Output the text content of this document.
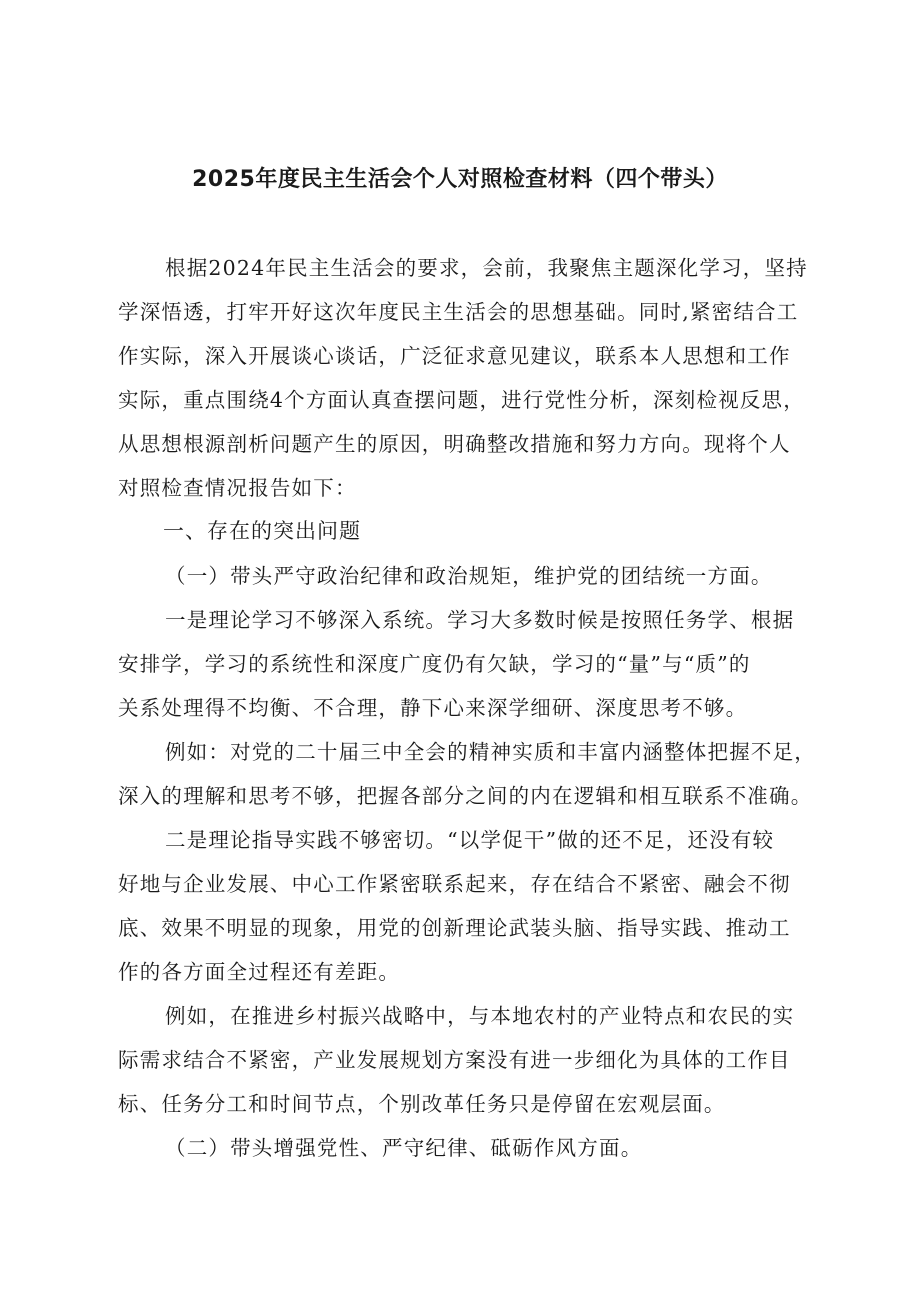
2025年度民主生活会个人对照检查材料（四个带头）

根据2024年民主生活会的要求，会前，我聚焦主题深化学习，坚持

学深悟透，打牢开好这次年度民主生活会的思想基础。同时,紧密结合工

作实际，深入开展谈心谈话，广泛征求意见建议，联系本人思想和工作

实际，重点围绕4个方面认真查摆问题，进行党性分析，深刻检视反思，

从思想根源剖析问题产生的原因，明确整改措施和努力方向。现将个人

对照检查情况报告如下：

一、存在的突出问题

（一）带头严守政治纪律和政治规矩，维护党的团结统一方面。

一是理论学习不够深入系统。学习大多数时候是按照任务学、根据

安排学，学习的系统性和深度广度仍有欠缺，学习的“量”与“质”的

关系处理得不均衡、不合理，静下心来深学细研、深度思考不够。

例如：对党的二十届三中全会的精神实质和丰富内涵整体把握不足，

深入的理解和思考不够，把握各部分之间的内在逻辑和相互联系不准确。

二是理论指导实践不够密切。“以学促干”做的还不足，还没有较

好地与企业发展、中心工作紧密联系起来，存在结合不紧密、融会不彻

底、效果不明显的现象，用党的创新理论武装头脑、指导实践、推动工

作的各方面全过程还有差距。

例如，在推进乡村振兴战略中，与本地农村的产业特点和农民的实

际需求结合不紧密，产业发展规划方案没有进一步细化为具体的工作目

标、任务分工和时间节点，个别改革任务只是停留在宏观层面。

（二）带头增强党性、严守纪律、砥砺作风方面。
